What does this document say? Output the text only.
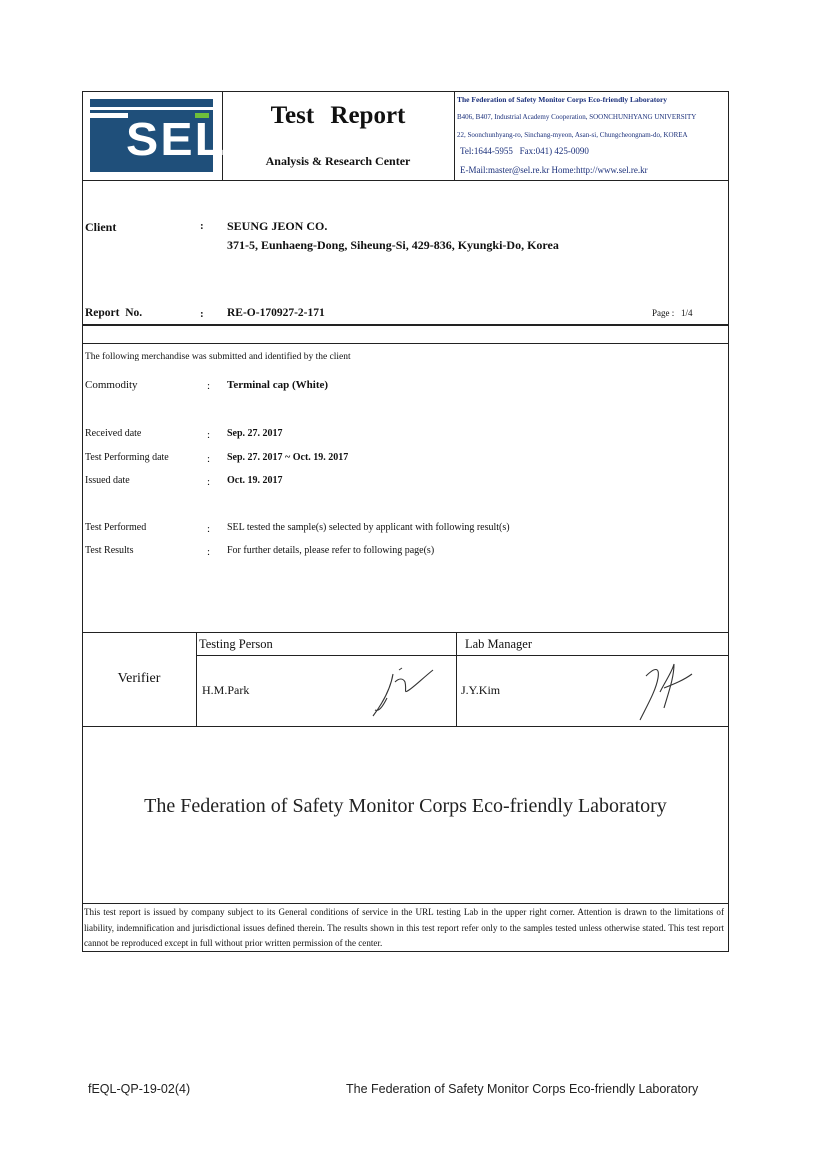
SEL	Test Report
Analysis & Research Center
The Federation of Safety Monitor Corps Eco-friendly Laboratory
B406, B407, Industrial Academy Cooperation, SOONCHUNHYANG UNIVERSITY
22, Soonchunhyang-ro, Sinchang-myeon, Asan-si, Chungcheongnam-do, KOREA
Tel:1644-5955   Fax:041) 425-0090
E-Mail:master@sel.re.kr Home:http://www.sel.re.kr
Client	: SEUNG JEON CO.
371-5, Eunhaeng-Dong, Siheung-Si, 429-836, Kyungki-Do, Korea
Report  No.	: RE-O-170927-2-171	Page :   1/4
The following merchandise was submitted and identified by the client
Commodity	: Terminal cap (White)
Received date	: Sep. 27. 2017
Test Performing date	: Sep. 27. 2017 ~ Oct. 19. 2017
Issued date	: Oct. 19. 2017
Test Performed	: SEL tested the sample(s) selected by applicant with following result(s)
Test Results	: For further details, please refer to following page(s)
Verifier
Testing Person	Lab Manager
H.M.Park	J.Y.Kim
The Federation of Safety Monitor Corps Eco-friendly Laboratory
This test report is issued by company subject to its General conditions of service in the URL testing Lab in the upper right corner. Attention is drawn to the limitations of liability, indemnification and jurisdictional issues defined therein. The results shown in this test report refer only to the samples tested unless otherwise stated. This test report cannot be reproduced except in full without prior written permission of the center.
fEQL-QP-19-02(4)	The Federation of Safety Monitor Corps Eco-friendly Laboratory
